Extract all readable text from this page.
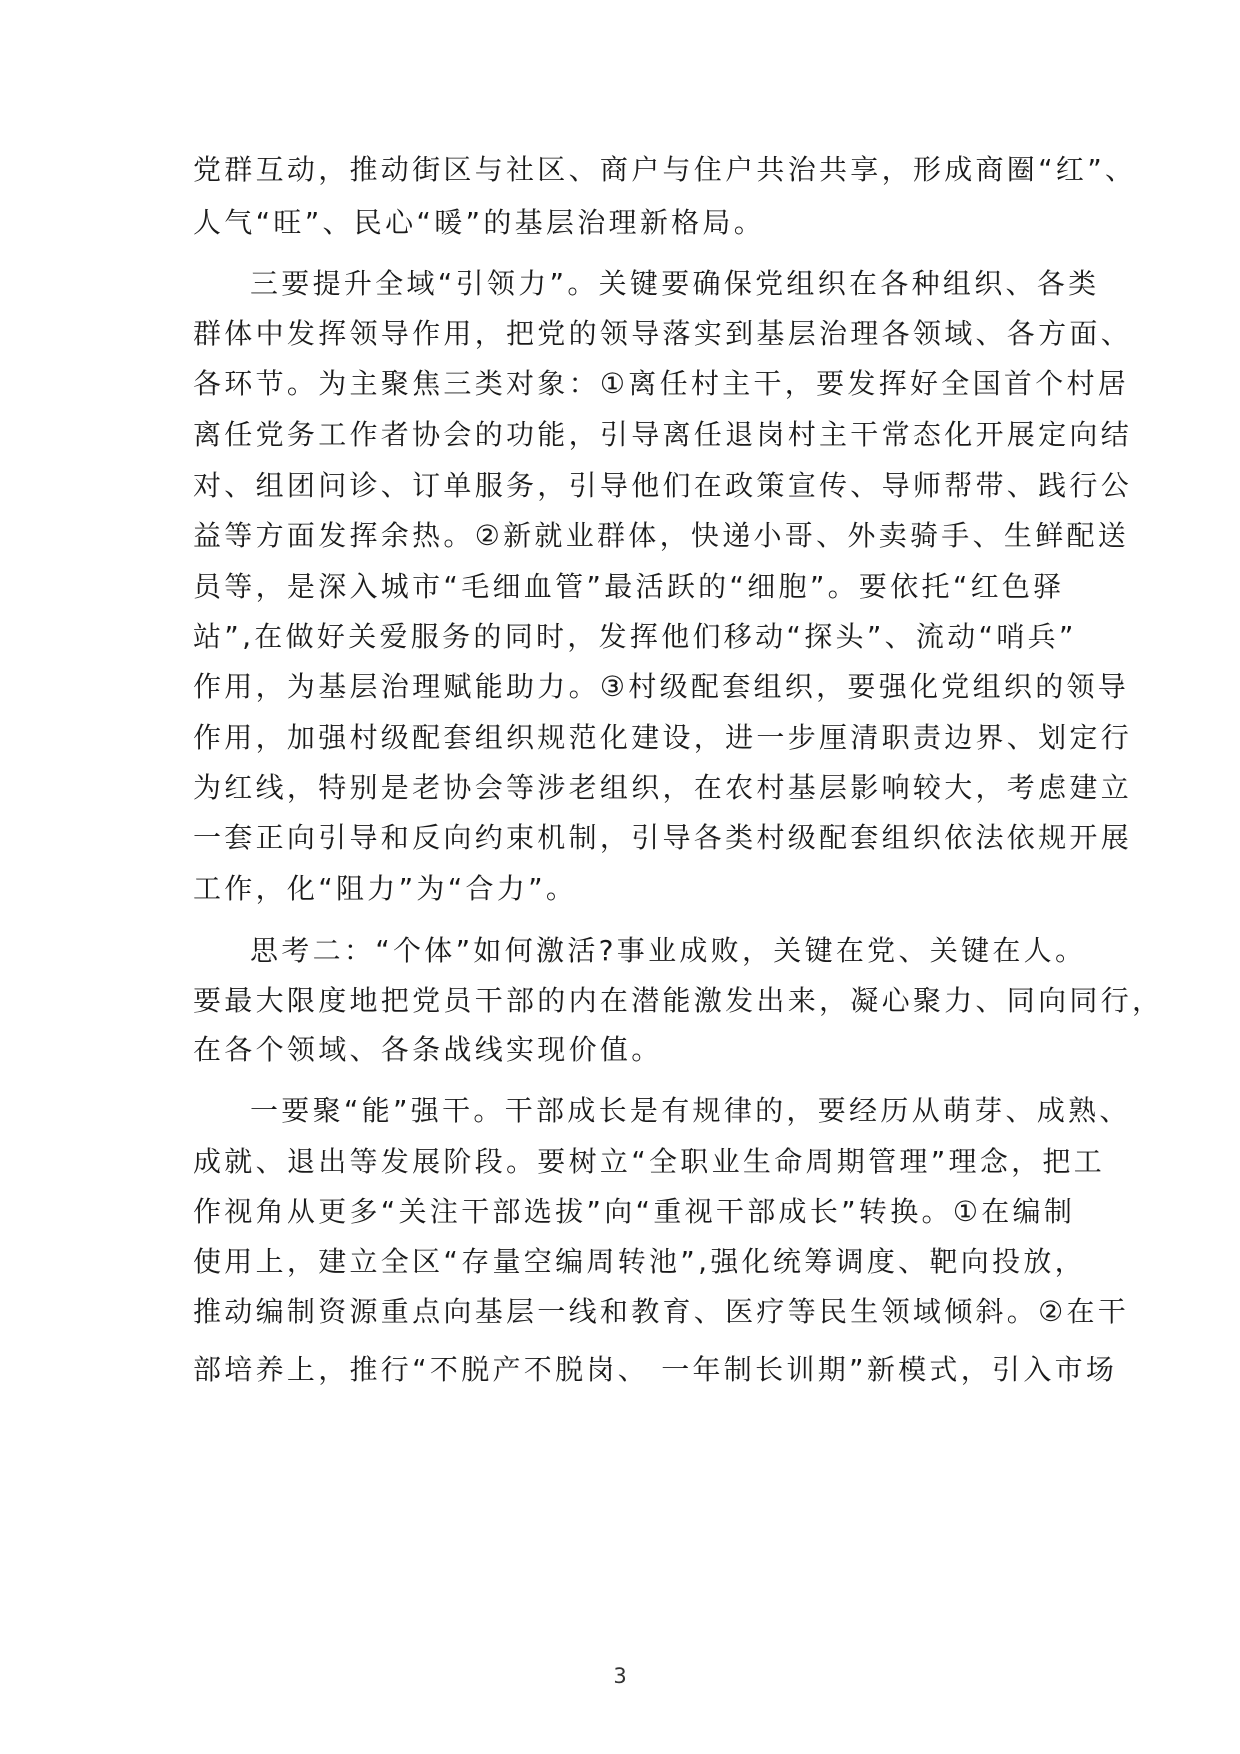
党群互动，推动街区与社区、商户与住户共治共享，形成商圈“红”、
人气“旺”、民心“暖”的基层治理新格局。
三要提升全域“引领力”。关键要确保党组织在各种组织、各类
群体中发挥领导作用，把党的领导落实到基层治理各领域、各方面、
各环节。为主聚焦三类对象：①离任村主干，要发挥好全国首个村居
离任党务工作者协会的功能，引导离任退岗村主干常态化开展定向结
对、组团问诊、订单服务，引导他们在政策宣传、导师帮带、践行公
益等方面发挥余热。②新就业群体，快递小哥、外卖骑手、生鲜配送
员等，是深入城市“毛细血管”最活跃的“细胞”。要依托“红色驿
站”,在做好关爱服务的同时，发挥他们移动“探头”、流动“哨兵”
作用，为基层治理赋能助力。③村级配套组织，要强化党组织的领导
作用，加强村级配套组织规范化建设，进一步厘清职责边界、划定行
为红线，特别是老协会等涉老组织，在农村基层影响较大，考虑建立
一套正向引导和反向约束机制，引导各类村级配套组织依法依规开展
工作，化“阻力”为“合力”。
思考二：“个体”如何激活?事业成败，关键在党、关键在人。
要最大限度地把党员干部的内在潜能激发出来，凝心聚力、同向同行，
在各个领域、各条战线实现价值。
一要聚“能”强干。干部成长是有规律的，要经历从萌芽、成熟、
成就、退出等发展阶段。要树立“全职业生命周期管理”理念，把工
作视角从更多“关注干部选拔”向“重视干部成长”转换。①在编制
使用上，建立全区“存量空编周转池”,强化统筹调度、靶向投放，
推动编制资源重点向基层一线和教育、医疗等民生领域倾斜。②在干
部培养上，推行“不脱产不脱岗、 一年制长训期”新模式，引入市场
3
